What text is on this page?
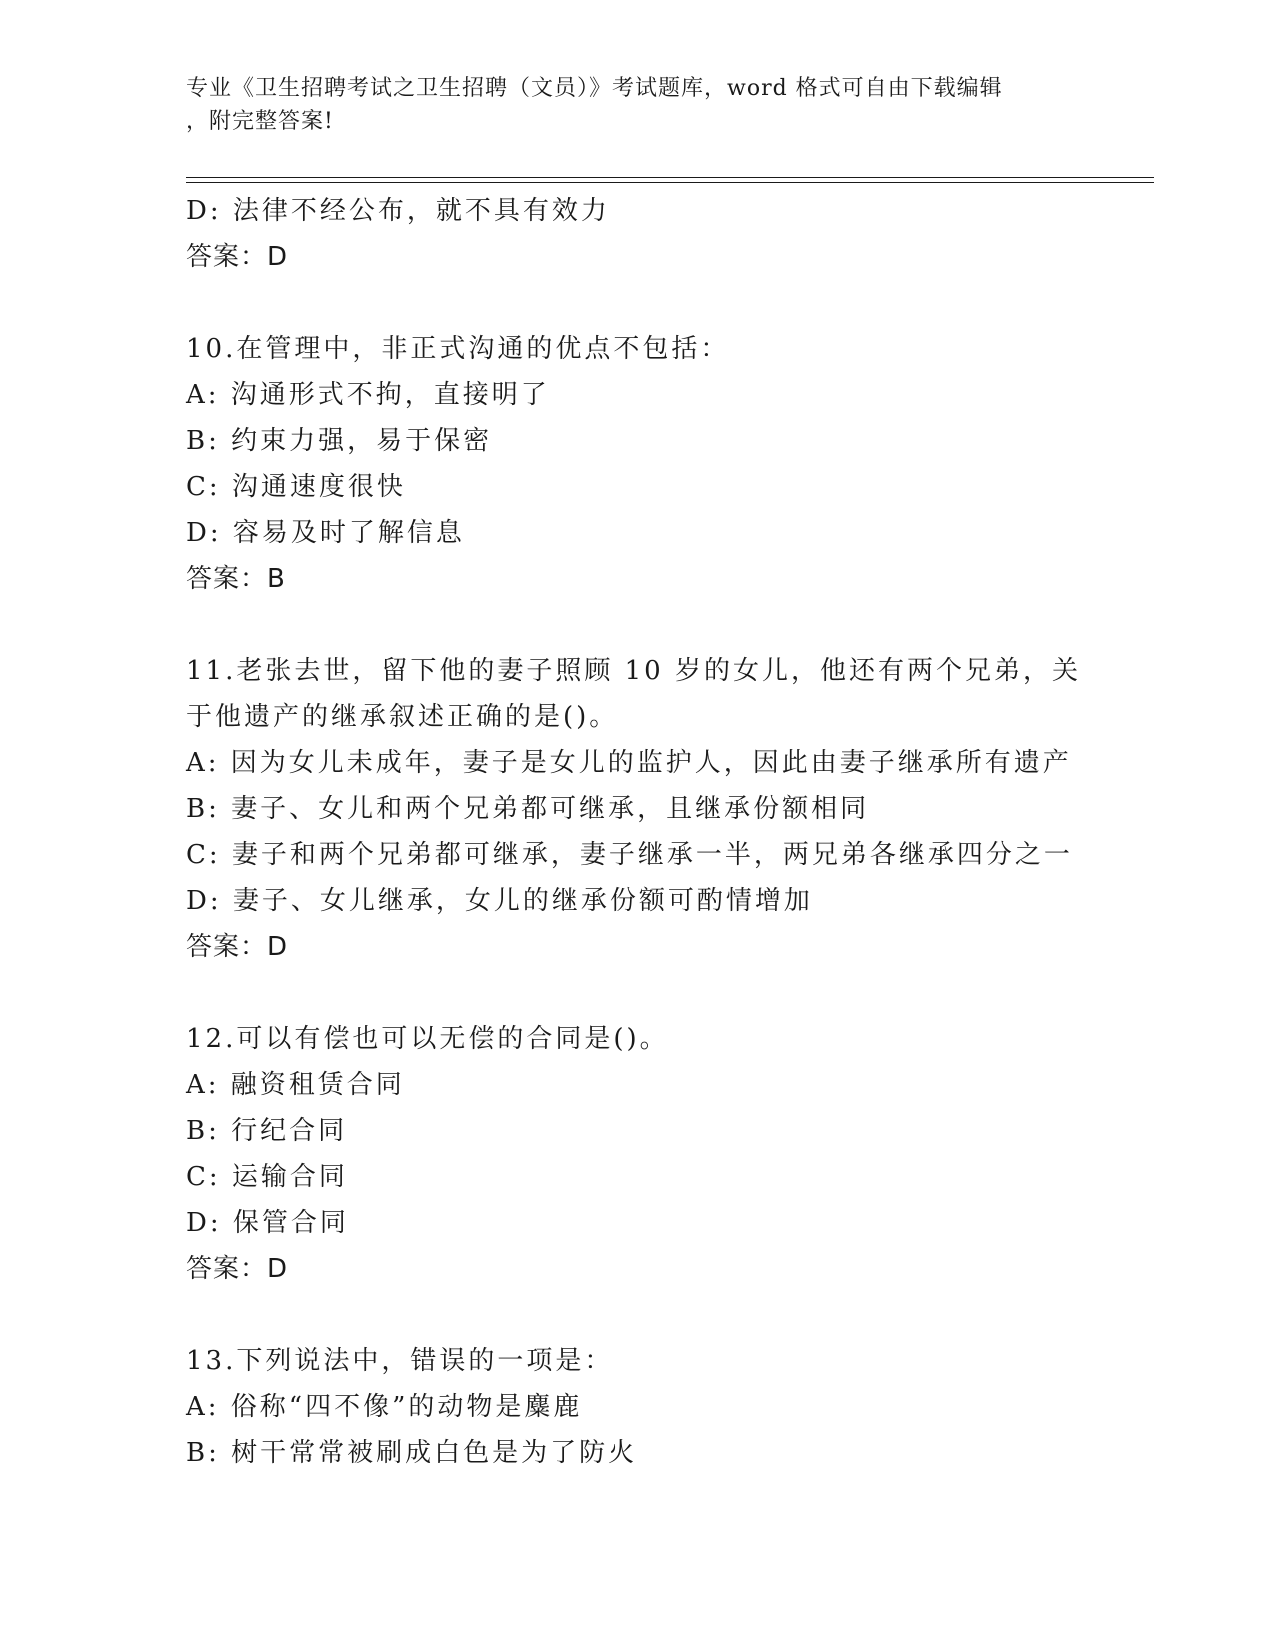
专业《卫生招聘考试之卫生招聘（文员）》考试题库，word 格式可自由下载编辑
，附完整答案!
D: 法律不经公布，就不具有效力
答案：D
10.在管理中，非正式沟通的优点不包括：
A: 沟通形式不拘，直接明了
B: 约束力强，易于保密
C: 沟通速度很快
D: 容易及时了解信息
答案：B
11.老张去世，留下他的妻子照顾 10 岁的女儿，他还有两个兄弟，关
于他遗产的继承叙述正确的是()。
A: 因为女儿未成年，妻子是女儿的监护人，因此由妻子继承所有遗产
B: 妻子、女儿和两个兄弟都可继承，且继承份额相同
C: 妻子和两个兄弟都可继承，妻子继承一半，两兄弟各继承四分之一
D: 妻子、女儿继承，女儿的继承份额可酌情增加
答案：D
12.可以有偿也可以无偿的合同是()。
A: 融资租赁合同
B: 行纪合同
C: 运输合同
D: 保管合同
答案：D
13.下列说法中，错误的一项是：
A: 俗称“四不像”的动物是麋鹿
B: 树干常常被刷成白色是为了防火
